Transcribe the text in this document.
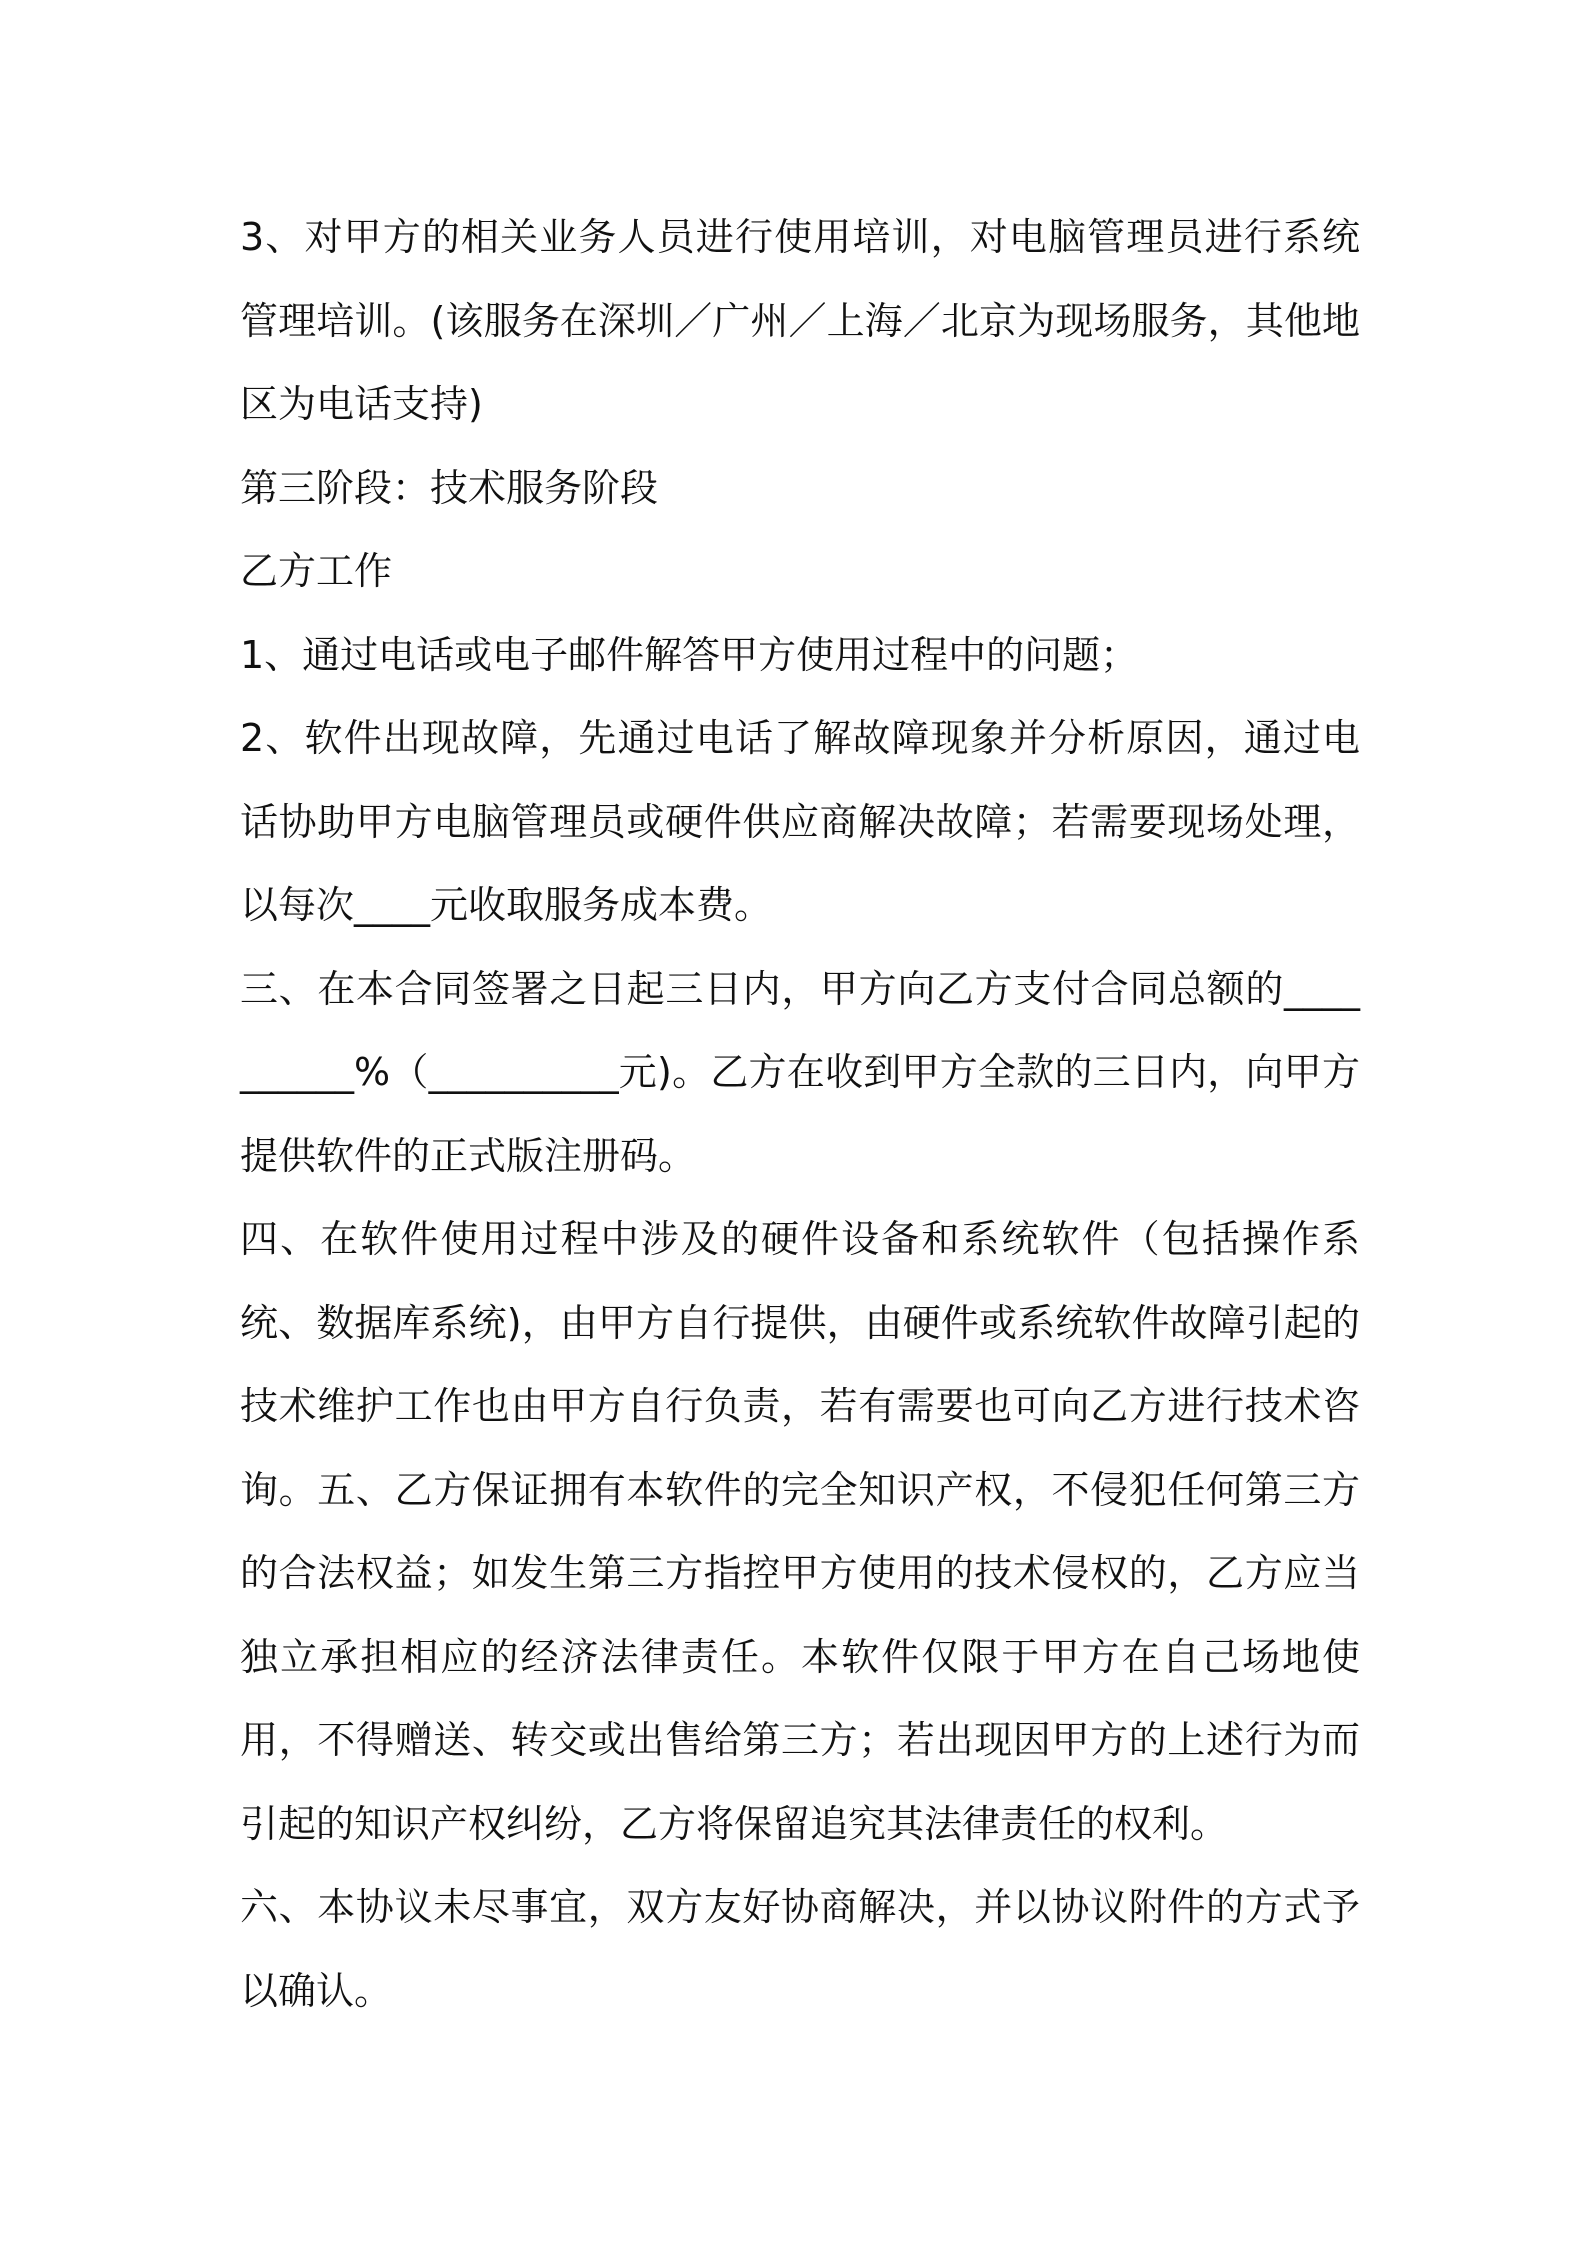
3、对甲方的相关业务人员进行使用培训，对电脑管理员进行系统管理培训。(该服务在深圳／广州／上海／北京为现场服务，其他地区为电话支持)

第三阶段：技术服务阶段

乙方工作

1、通过电话或电子邮件解答甲方使用过程中的问题；

2、软件出现故障，先通过电话了解故障现象并分析原因，通过电话协助甲方电脑管理员或硬件供应商解决故障；若需要现场处理，以每次____元收取服务成本费。

三、在本合同签署之日起三日内，甲方向乙方支付合同总额的__________%（__________元)。乙方在收到甲方全款的三日内，向甲方提供软件的正式版注册码。

四、在软件使用过程中涉及的硬件设备和系统软件（包括操作系统、数据库系统)，由甲方自行提供，由硬件或系统软件故障引起的技术维护工作也由甲方自行负责，若有需要也可向乙方进行技术咨询。五、乙方保证拥有本软件的完全知识产权，不侵犯任何第三方的合法权益；如发生第三方指控甲方使用的技术侵权的，乙方应当独立承担相应的经济法律责任。本软件仅限于甲方在自己场地使用，不得赠送、转交或出售给第三方；若出现因甲方的上述行为而引起的知识产权纠纷，乙方将保留追究其法律责任的权利。

六、本协议未尽事宜，双方友好协商解决，并以协议附件的方式予以确认。
